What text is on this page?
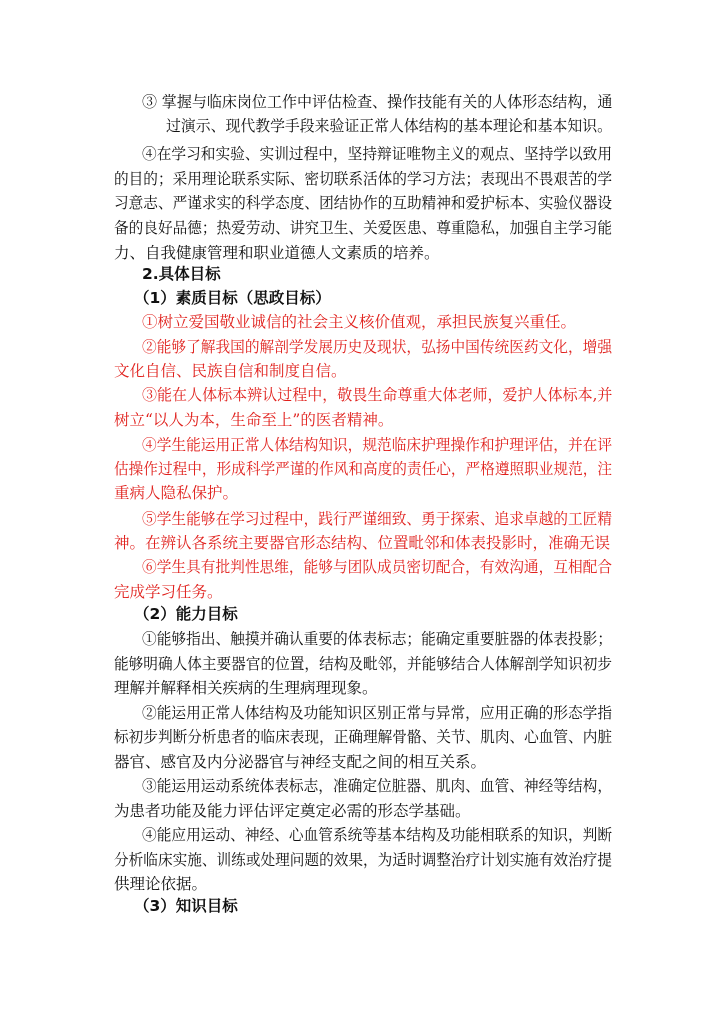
③ 掌握与临床岗位工作中评估检查、操作技能有关的人体形态结构，通
过演示、现代教学手段来验证正常人体结构的基本理论和基本知识。
④在学习和实验、实训过程中，坚持辩证唯物主义的观点、坚持学以致用
的目的；采用理论联系实际、密切联系活体的学习方法；表现出不畏艰苦的学
习意志、严谨求实的科学态度、团结协作的互助精神和爱护标本、实验仪器设
备的良好品德；热爱劳动、讲究卫生、关爱医患、尊重隐私，加强自主学习能
力、自我健康管理和职业道德人文素质的培养。
2.具体目标
（1）素质目标（思政目标）
①树立爱国敬业诚信的社会主义核价值观，承担民族复兴重任。
②能够了解我国的解剖学发展历史及现状，弘扬中国传统医药文化，增强
文化自信、民族自信和制度自信。
③能在人体标本辨认过程中，敬畏生命尊重大体老师，爱护人体标本,并
树立“以人为本，生命至上”的医者精神。
④学生能运用正常人体结构知识，规范临床护理操作和护理评估，并在评
估操作过程中，形成科学严谨的作风和高度的责任心，严格遵照职业规范，注
重病人隐私保护。
⑤学生能够在学习过程中，践行严谨细致、勇于探索、追求卓越的工匠精
神。在辨认各系统主要器官形态结构、位置毗邻和体表投影时，准确无误
⑥学生具有批判性思维，能够与团队成员密切配合，有效沟通，互相配合
完成学习任务。
（2）能力目标
①能够指出、触摸并确认重要的体表标志；能确定重要脏器的体表投影；
能够明确人体主要器官的位置，结构及毗邻，并能够结合人体解剖学知识初步
理解并解释相关疾病的生理病理现象。
②能运用正常人体结构及功能知识区别正常与异常，应用正确的形态学指
标初步判断分析患者的临床表现，正确理解骨骼、关节、肌肉、心血管、内脏
器官、感官及内分泌器官与神经支配之间的相互关系。
③能运用运动系统体表标志，准确定位脏器、肌肉、血管、神经等结构，
为患者功能及能力评估评定奠定必需的形态学基础。
④能应用运动、神经、心血管系统等基本结构及功能相联系的知识，判断
分析临床实施、训练或处理问题的效果，为适时调整治疗计划实施有效治疗提
供理论依据。
（3）知识目标
